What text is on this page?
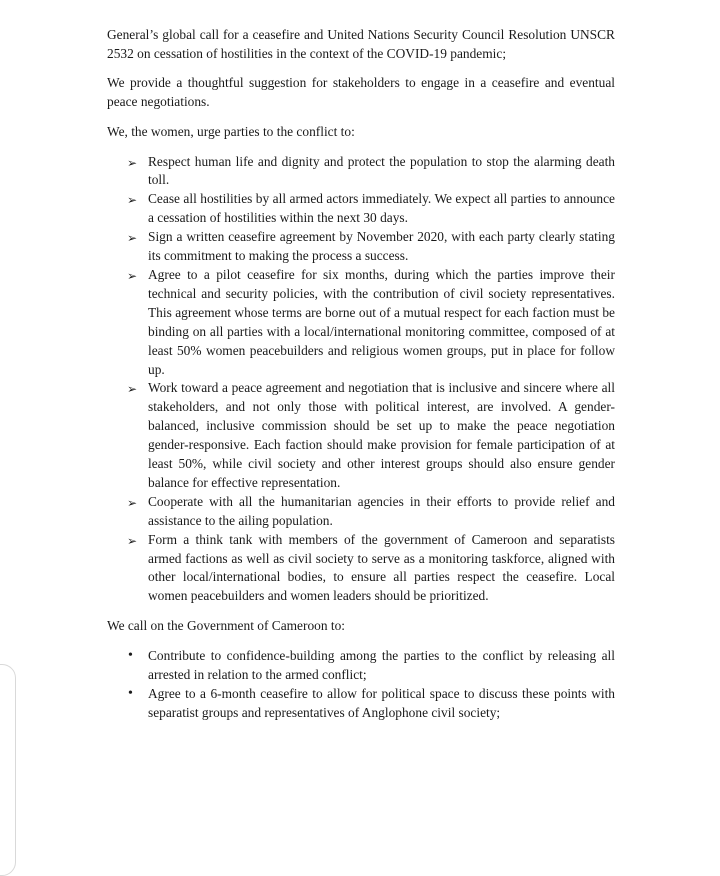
General’s global call for a ceasefire and United Nations Security Council Resolution UNSCR 2532 on cessation of hostilities in the context of the COVID-19 pandemic;

We provide a thoughtful suggestion for stakeholders to engage in a ceasefire and eventual peace negotiations.

We, the women, urge parties to the conflict to:

➢ Respect human life and dignity and protect the population to stop the alarming death toll.
➢ Cease all hostilities by all armed actors immediately. We expect all parties to announce a cessation of hostilities within the next 30 days.
➢ Sign a written ceasefire agreement by November 2020, with each party clearly stating its commitment to making the process a success.
➢ Agree to a pilot ceasefire for six months, during which the parties improve their technical and security policies, with the contribution of civil society representatives. This agreement whose terms are borne out of a mutual respect for each faction must be binding on all parties with a local/international monitoring committee, composed of at least 50% women peacebuilders and religious women groups, put in place for follow up.
➢ Work toward a peace agreement and negotiation that is inclusive and sincere where all stakeholders, and not only those with political interest, are involved. A gender-balanced, inclusive commission should be set up to make the peace negotiation gender-responsive. Each faction should make provision for female participation of at least 50%, while civil society and other interest groups should also ensure gender balance for effective representation.
➢ Cooperate with all the humanitarian agencies in their efforts to provide relief and assistance to the ailing population.
➢ Form a think tank with members of the government of Cameroon and separatists armed factions as well as civil society to serve as a monitoring taskforce, aligned with other local/international bodies, to ensure all parties respect the ceasefire. Local women peacebuilders and women leaders should be prioritized.

We call on the Government of Cameroon to:

• Contribute to confidence-building among the parties to the conflict by releasing all arrested in relation to the armed conflict;
• Agree to a 6-month ceasefire to allow for political space to discuss these points with separatist groups and representatives of Anglophone civil society;
